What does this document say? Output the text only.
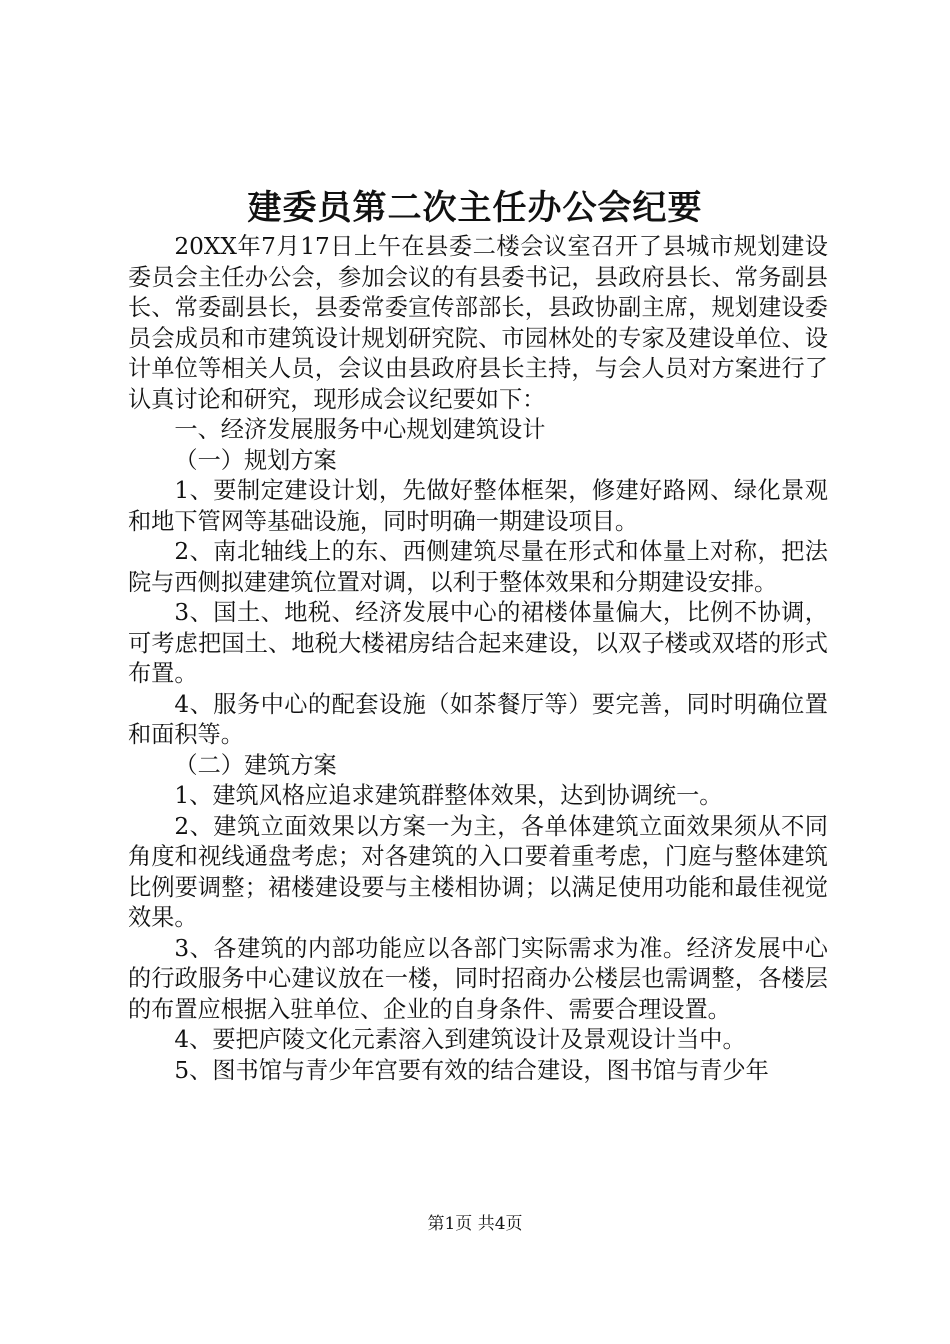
建委员第二次主任办公会纪要

20XX年7月17日上午在县委二楼会议室召开了县城市规划建设委员会主任办公会，参加会议的有县委书记，县政府县长、常务副县长、常委副县长，县委常委宣传部部长，县政协副主席，规划建设委员会成员和市建筑设计规划研究院、市园林处的专家及建设单位、设计单位等相关人员，会议由县政府县长主持，与会人员对方案进行了认真讨论和研究，现形成会议纪要如下：

一、经济发展服务中心规划建筑设计

（一）规划方案

1、要制定建设计划，先做好整体框架，修建好路网、绿化景观和地下管网等基础设施，同时明确一期建设项目。

2、南北轴线上的东、西侧建筑尽量在形式和体量上对称，把法院与西侧拟建建筑位置对调，以利于整体效果和分期建设安排。

3、国土、地税、经济发展中心的裙楼体量偏大，比例不协调，可考虑把国土、地税大楼裙房结合起来建设，以双子楼或双塔的形式布置。

4、服务中心的配套设施（如茶餐厅等）要完善，同时明确位置和面积等。

（二）建筑方案

1、建筑风格应追求建筑群整体效果，达到协调统一。

2、建筑立面效果以方案一为主，各单体建筑立面效果须从不同角度和视线通盘考虑；对各建筑的入口要着重考虑，门庭与整体建筑比例要调整；裙楼建设要与主楼相协调；以满足使用功能和最佳视觉效果。

3、各建筑的内部功能应以各部门实际需求为准。经济发展中心的行政服务中心建议放在一楼，同时招商办公楼层也需调整，各楼层的布置应根据入驻单位、企业的自身条件、需要合理设置。

4、要把庐陵文化元素溶入到建筑设计及景观设计当中。

5、图书馆与青少年宫要有效的结合建设，图书馆与青少年

第1页 共4页
